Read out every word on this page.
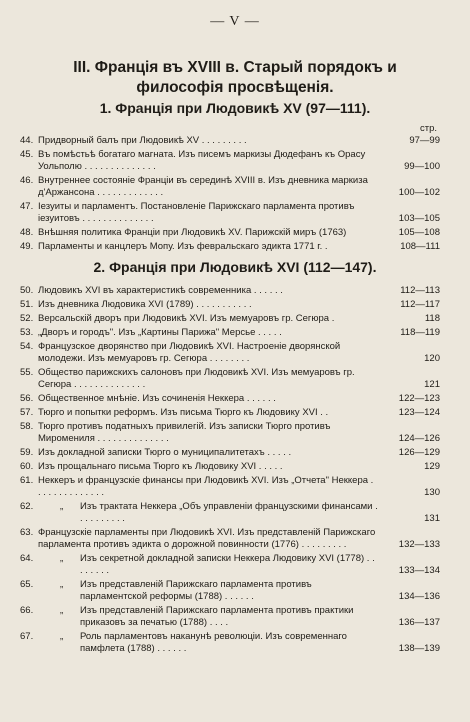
— V —
III. Франція въ XVIII в. Старый порядокъ и философія просвѣщенія.
1. Франція при Людовикѣ XV (97—111).
стр.
44. Придворный балъ при Людовикѣ XV . . . . . . . . .	97—99
45. Въ помѣстьѣ богатаго магната. Изъ писемъ маркизы Дюдефанъ къ Орасу Уольполю . . . . . . . . . . . . . .	99—100
46. Внутреннее состояніе Франціи въ серединѣ XVIII в. Изъ дневника маркиза д'Аржансона . . . . . . . . . . . . .	100—102
47. Іезуиты и парламентъ. Постановленіе Парижскаго парламента противъ іезуитовъ . . . . . . . . . . . . . .	103—105
48. Внѣшняя политика Франціи при Людовикѣ XV. Парижскій миръ (1763)	105—108
49. Парламенты и канцлеръ Мопу. Изъ февральскаго эдикта 1771 г. .	108—111
2. Франція при Людовикѣ XVI (112—147).
50. Людовикъ XVI въ характеристикѣ современника . . . . . .	112—113
51. Изъ дневника Людовика XVI (1789) . . . . . . . . . . .	112—117
52. Версальскій дворъ при Людовикѣ XVI. Изъ мемуаровъ гр. Сегюра .	118
53. „Дворъ и городъ". Изъ „Картины Парижа" Мерсье . . . . .	118—119
54. Французское дворянство при Людовикѣ XVI. Настроеніе дворянской молодежи. Изъ мемуаровъ гр. Сегюра . . . . . . . .	120
55. Общество парижскихъ салоновъ при Людовикѣ XVI. Изъ мемуаровъ гр. Сегюра . . . . . . . . . . . . . .	121
56. Общественное мнѣніе. Изъ сочиненія Неккера . . . . . .	122—123
57. Тюрго и попытки реформъ. Изъ письма Тюрго къ Людовику XVI . .	123—124
58. Тюрго противъ податныхъ привилегій. Изъ записки Тюрго противъ Миромениля . . . . . . . . . . . . . .	124—126
59. Изъ докладной записки Тюрго о муниципалитетахъ . . . . .	126—129
60. Изъ прощальнаго письма Тюрго къ Людовику XVI . . . . .	129
61. Неккеръ и французскіе финансы при Людовикѣ XVI. Изъ „Отчета" Неккера . . . . . . . . . . . . . .	130
62.	„	Изъ трактата Неккера „Объ управленіи французскими финансами . . . . . . . . . .	131
63. Французскіе парламенты при Людовикѣ XVI. Изъ представленій Парижскаго парламента противъ эдикта о дорожной повинности (1776) . . . . . . . . .	132—133
64.	„	Изъ секретной докладной записки Неккера Людовику XVI (1778) . . . . . . . .	133—134
65.	„	Изъ представленій Парижскаго парламента противъ парламентской реформы (1788) . . . . . .	134—136
66.	„	Изъ представленій Парижскаго парламента противъ практики приказовъ за печатью (1788) . . . .	136—137
67.	„	Роль парламентовъ наканунѣ революціи. Изъ современнаго памфлета (1788) . . . . . .	138—139
